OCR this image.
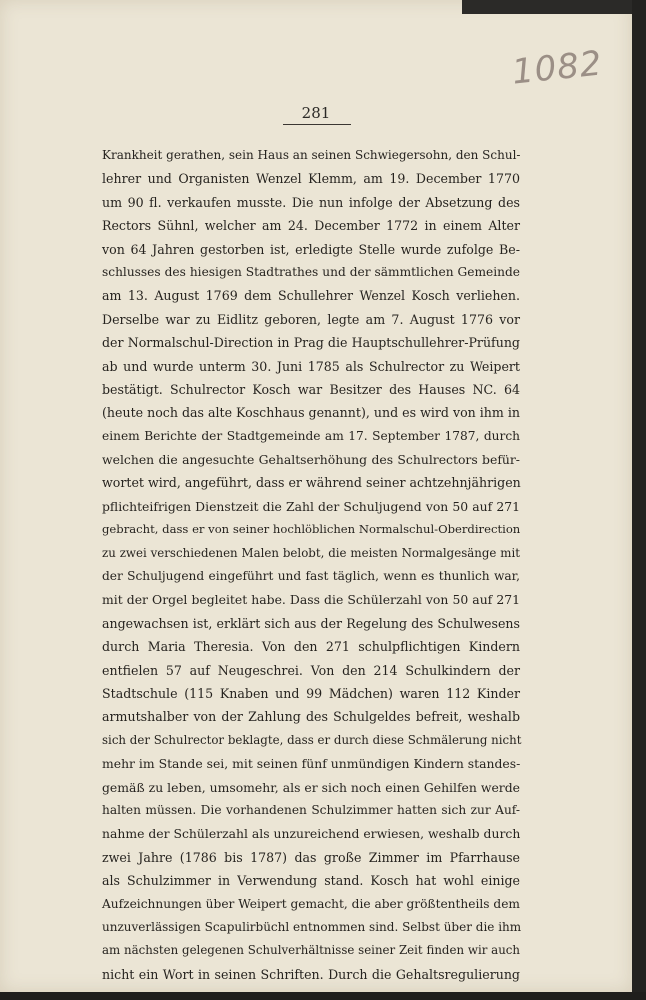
1082
281
Krankheit gerathen, sein Haus an seinen Schwiegersohn, den Schul-
lehrer und Organisten Wenzel Klemm, am 19. December 1770
um 90 fl. verkaufen musste. Die nun infolge der Absetzung des
Rectors Sühnl, welcher am 24. December 1772 in einem Alter
von 64 Jahren gestorben ist, erledigte Stelle wurde zufolge Be-
schlusses des hiesigen Stadtrathes und der sämmtlichen Gemeinde
am 13. August 1769 dem Schullehrer Wenzel Kosch verliehen.
Derselbe war zu Eidlitz geboren, legte am 7. August 1776 vor
der Normalschul-Direction in Prag die Hauptschullehrer-Prüfung
ab und wurde unterm 30. Juni 1785 als Schulrector zu Weipert
bestätigt. Schulrector Kosch war Besitzer des Hauses NC. 64
(heute noch das alte Koschhaus genannt), und es wird von ihm in
einem Berichte der Stadtgemeinde am 17. September 1787, durch
welchen die angesuchte Gehaltserhöhung des Schulrectors befür-
wortet wird, angeführt, dass er während seiner achtzehnjährigen
pflichteifrigen Dienstzeit die Zahl der Schuljugend von 50 auf 271
gebracht, dass er von seiner hochlöblichen Normalschul-Oberdirection
zu zwei verschiedenen Malen belobt, die meisten Normalgesänge mit
der Schuljugend eingeführt und fast täglich, wenn es thunlich war,
mit der Orgel begleitet habe. Dass die Schülerzahl von 50 auf 271
angewachsen ist, erklärt sich aus der Regelung des Schulwesens
durch Maria Theresia. Von den 271 schulpflichtigen Kindern
entfielen 57 auf Neugeschrei. Von den 214 Schulkindern der
Stadtschule (115 Knaben und 99 Mädchen) waren 112 Kinder
armutshalber von der Zahlung des Schulgeldes befreit, weshalb
sich der Schulrector beklagte, dass er durch diese Schmälerung nicht
mehr im Stande sei, mit seinen fünf unmündigen Kindern standes-
gemäß zu leben, umsomehr, als er sich noch einen Gehilfen werde
halten müssen. Die vorhandenen Schulzimmer hatten sich zur Auf-
nahme der Schülerzahl als unzureichend erwiesen, weshalb durch
zwei Jahre (1786 bis 1787) das große Zimmer im Pfarrhause
als Schulzimmer in Verwendung stand. Kosch hat wohl einige
Aufzeichnungen über Weipert gemacht, die aber größtentheils dem
unzuverlässigen Scapulirbüchl entnommen sind. Selbst über die ihm
am nächsten gelegenen Schulverhältnisse seiner Zeit finden wir auch
nicht ein Wort in seinen Schriften. Durch die Gehaltsregulierung
